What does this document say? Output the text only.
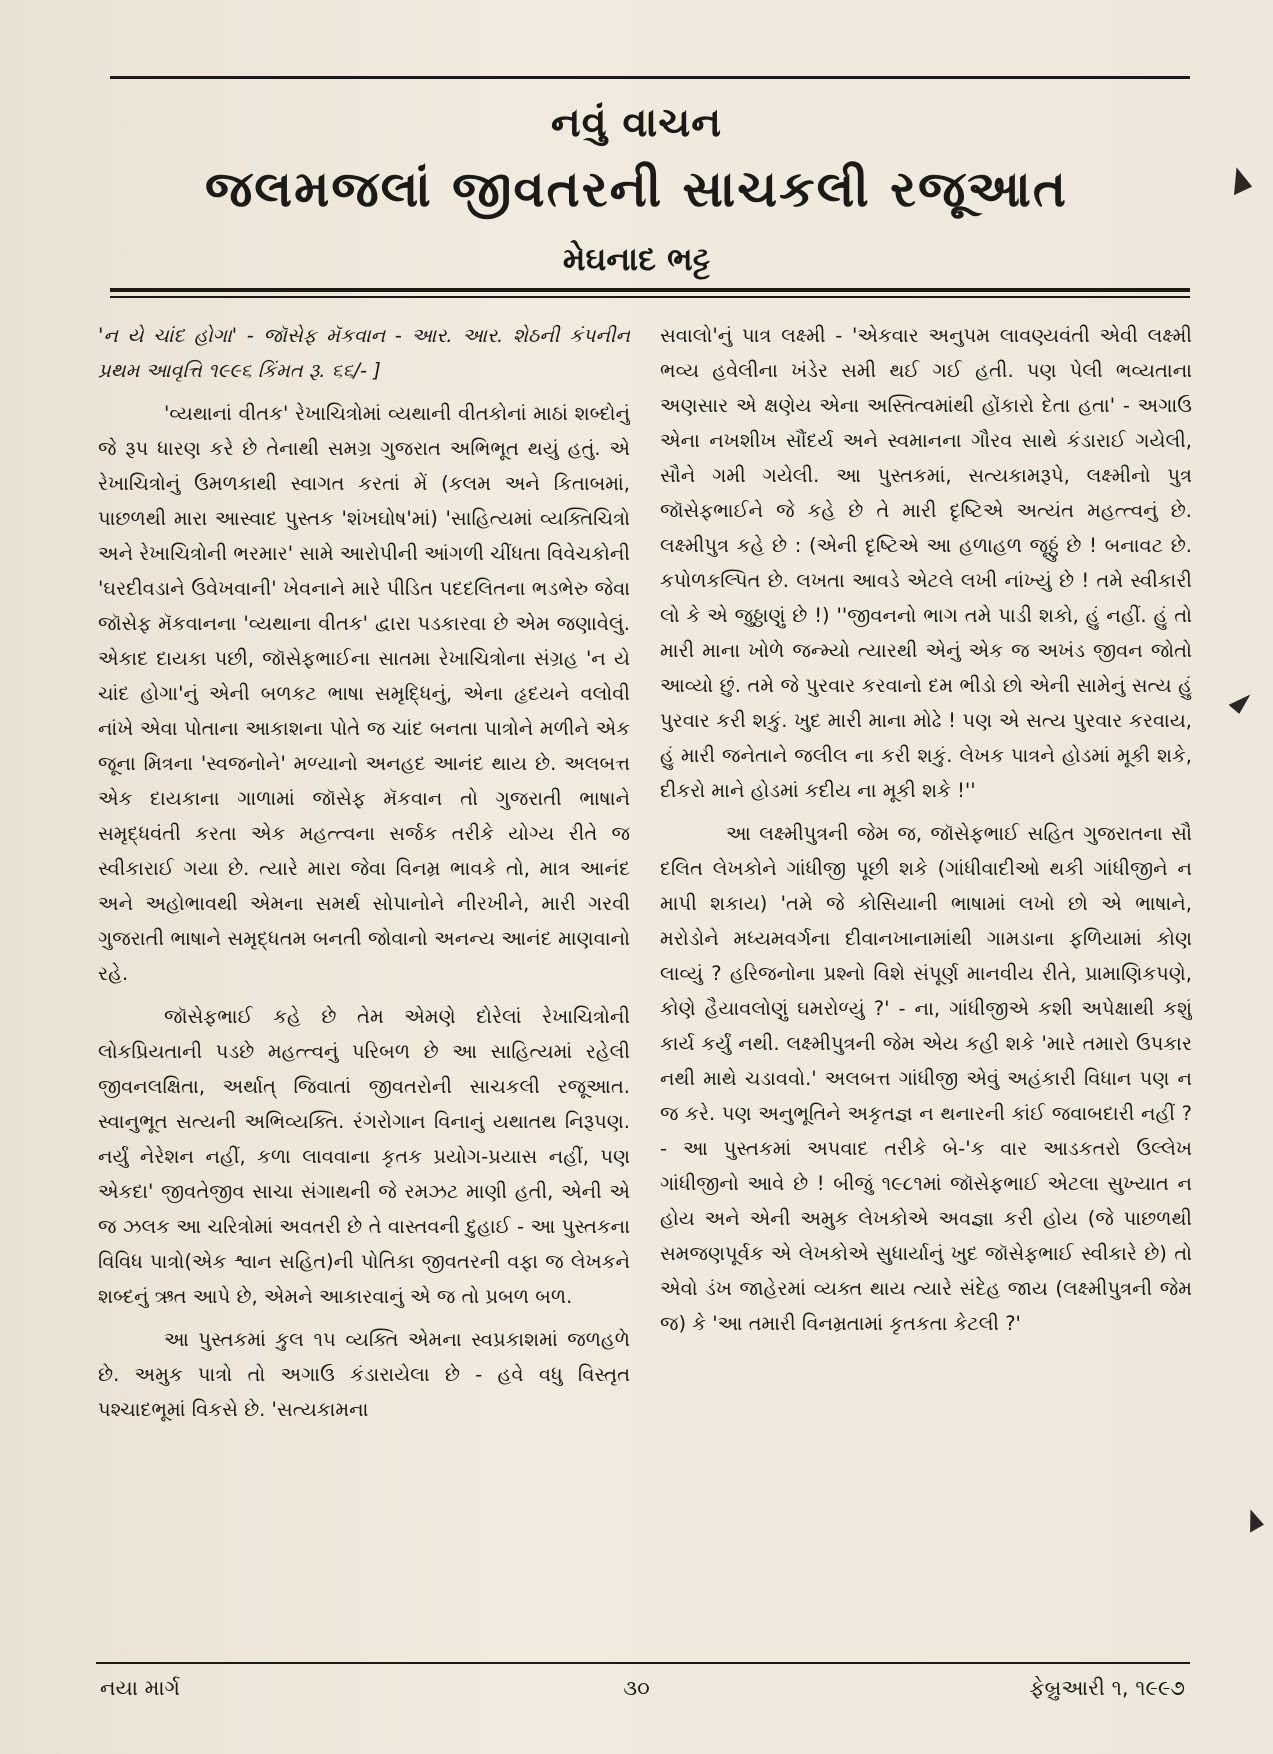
નવું વાચન
જલમજલાં જીવતરની સાચકલી રજૂઆત
મેઘનાદ ભટ્ટ

'ન યે ચાંદ હોગા' - જૉસેફ મૅકવાન - આર. આર. શેઠની કંપનીન પ્રથમ આવૃત્તિ ૧૯૯૬ કિંમત રૂ. ૬૬/- ]

'વ્યથાનાં વીતક' રેખાચિત્રોમાં વ્યથાની વીતકોનાં માઠાં શબ્દોનું જે રૂપ ધારણ કરે છે તેનાથી સમગ્ર ગુજરાત અભિભૂત થયું હતું. એ રેખાચિત્રોનું ઉમળકાથી સ્વાગત કરતાં મેં (કલમ અને કિતાબમાં, પાછળથી મારા આસ્વાદ પુસ્તક 'શંખઘોષ'માં) 'સાહિત્યમાં વ્યક્તિચિત્રો અને રેખાચિત્રોની ભરમાર' સામે આરોપીની આંગળી ચીંધતા વિવેચકોની 'ઘરદીવડાને ઉવેખવાની' ખેવનાને મારે પીડિત પદદલિતના ભડભેરુ જેવા જૉસેફ મૅકવાનના 'વ્યથાના વીતક' દ્વારા પડકારવા છે એમ જણાવેલું. એકાદ દાયકા પછી, જૉસેફભાઈના સાતમા રેખાચિત્રોના સંગ્રહ 'ન યે ચાંદ હોગા'નું એની બળકટ ભાષા સમૃદ્ધિનું, એના હૃદયને વલોવી નાંખે એવા પોતાના આકાશના પોતે જ ચાંદ બનતા પાત્રોને મળીને એક જૂના મિત્રના 'સ્વજનોને' મળ્યાનો અનહદ આનંદ થાય છે. અલબત્ત એક દાયકાના ગાળામાં જૉસેફ મૅકવાન તો ગુજરાતી ભાષાને સમૃદ્ધવંતી કરતા એક મહત્ત્વના સર્જક તરીકે યોગ્ય રીતે જ સ્વીકારાઈ ગયા છે. ત્યારે મારા જેવા વિનમ્ર ભાવકે તો, માત્ર આનંદ અને અહોભાવથી એમના સમર્થ સોપાનોને નીરખીને, મારી ગરવી ગુજરાતી ભાષાને સમૃદ્ધતમ બનતી જોવાનો અનન્ય આનંદ માણવાનો રહે.

જૉસેફભાઈ કહે છે તેમ એમણે દોરેલાં રેખાચિત્રોની લોકપ્રિયતાની પડછે મહત્ત્વનું પરિબળ છે આ સાહિત્યમાં રહેલી જીવનલક્ષિતા, અર્થાત્ જિવાતાં જીવતરોની સાચકલી રજૂઆત. સ્વાનુભૂત સત્યની અભિવ્યક્તિ. રંગરોગાન વિનાનું યથાતથ નિરૂપણ. નર્યું નેરેશન નહીં, કળા લાવવાના કૃતક પ્રયોગ-પ્રયાસ નહીં, પણ એકદા' જીવતેજીવ સાચા સંગાથની જે રમઝટ માણી હતી, એની એ જ ઝલક આ ચરિત્રોમાં અવતરી છે તે વાસ્તવની દુહાઈ - આ પુસ્તકના વિવિધ પાત્રો(એક શ્વાન સહિત)ની પોતિકા જીવતરની વફા જ લેખકને શબ્દનું ઋત આપે છે, એમને આકારવાનું એ જ તો પ્રબળ બળ.

આ પુસ્તકમાં કુલ ૧૫ વ્યક્તિ એમના સ્વપ્રકાશમાં જળહળે છે. અમુક પાત્રો તો અગાઉ કંડારાયેલા છે - હવે વધુ વિસ્તૃત પશ્ચાદભૂમાં વિકસે છે. 'સત્યકામના

સવાલો'નું પાત્ર લક્ષ્મી - 'એકવાર અનુપમ લાવણ્યવંતી એવી લક્ષ્મી ભવ્ય હવેલીના ખંડેર સમી થઈ ગઈ હતી. પણ પેલી ભવ્યતાના અણસાર એ ક્ષણેય એના અસ્તિત્વમાંથી હોંકારો દેતા હતા' - અગાઉ એના નખશીખ સૌંદર્ય અને સ્વમાનના ગૌરવ સાથે કંડારાઈ ગયેલી, સૌને ગમી ગયેલી. આ પુસ્તકમાં, સત્યકામરૂપે, લક્ષ્મીનો પુત્ર જૉસેફભાઈને જે કહે છે તે મારી દૃષ્ટિએ અત્યંત મહત્ત્વનું છે. લક્ષ્મીપુત્ર કહે છે : (એની દૃષ્ટિએ આ હળાહળ જૂઠ્ઠું છે ! બનાવટ છે. કપોળકલ્પિત છે. લખતા આવડે એટલે લખી નાંખ્યું છે ! તમે સ્વીકારી લો કે એ જુઠ્ઠાણું છે !) ''જીવનનો ભાગ તમે પાડી શકો, હું નહીં. હું તો મારી માના ખોળે જન્મ્યો ત્યારથી એનું એક જ અખંડ જીવન જોતો આવ્યો છું. તમે જે પુરવાર કરવાનો દમ ભીડો છો એની સામેનું સત્ય હું પુરવાર કરી શકું. ખુદ મારી માના મોઢે ! પણ એ સત્ય પુરવાર કરવાય, હું મારી જનેતાને જલીલ ના કરી શકું. લેખક પાત્રને હોડમાં મૂકી શકે, દીકરો માને હોડમાં કદીય ના મૂકી શકે !''

આ લક્ષ્મીપુત્રની જેમ જ, જૉસેફભાઈ સહિત ગુજરાતના સૌ દલિત લેખકોને ગાંધીજી પૂછી શકે (ગાંધીવાદીઓ થકી ગાંધીજીને ન માપી શકાય) 'તમે જે કોસિયાની ભાષામાં લખો છો એ ભાષાને, મરોડોને મધ્યમવર્ગના દીવાનખાનામાંથી ગામડાના ફળિયામાં કોણ લાવ્યું ? હરિજનોના પ્રશ્નો વિશે સંપૂર્ણ માનવીય રીતે, પ્રામાણિકપણે, કોણે હૈયાવલોણું ઘમરોળ્યું ?' - ના, ગાંધીજીએ કશી અપેક્ષાથી કશું કાર્ય કર્યું નથી. લક્ષ્મીપુત્રની જેમ એય કહી શકે 'મારે તમારો ઉપકાર નથી માથે ચડાવવો.' અલબત્ત ગાંધીજી એવું અહંકારી વિધાન પણ ન જ કરે. પણ અનુભૂતિને અકૃતજ્ઞ ન થનારની કાંઈ જવાબદારી નહીં ? - આ પુસ્તકમાં અપવાદ તરીકે બે-'ક વાર આડકતરો ઉલ્લેખ ગાંધીજીનો આવે છે ! બીજું ૧૯૮૧માં જૉસેફભાઈ એટલા સુખ્યાત ન હોય અને એની અમુક લેખકોએ અવજ્ઞા કરી હોય (જે પાછળથી સમજણપૂર્વક એ લેખકોએ સુધાર્યાનું ખુદ જૉસેફભાઈ સ્વીકારે છે) તો એવો ડંખ જાહેરમાં વ્યક્ત થાય ત્યારે સંદેહ જાય (લક્ષ્મીપુત્રની જેમ જ) કે 'આ તમારી વિનમ્રતામાં કૃતકતા કેટલી ?'

નયા માર્ગ	૩૦	ફેબ્રુઆરી ૧, ૧૯૯૭
